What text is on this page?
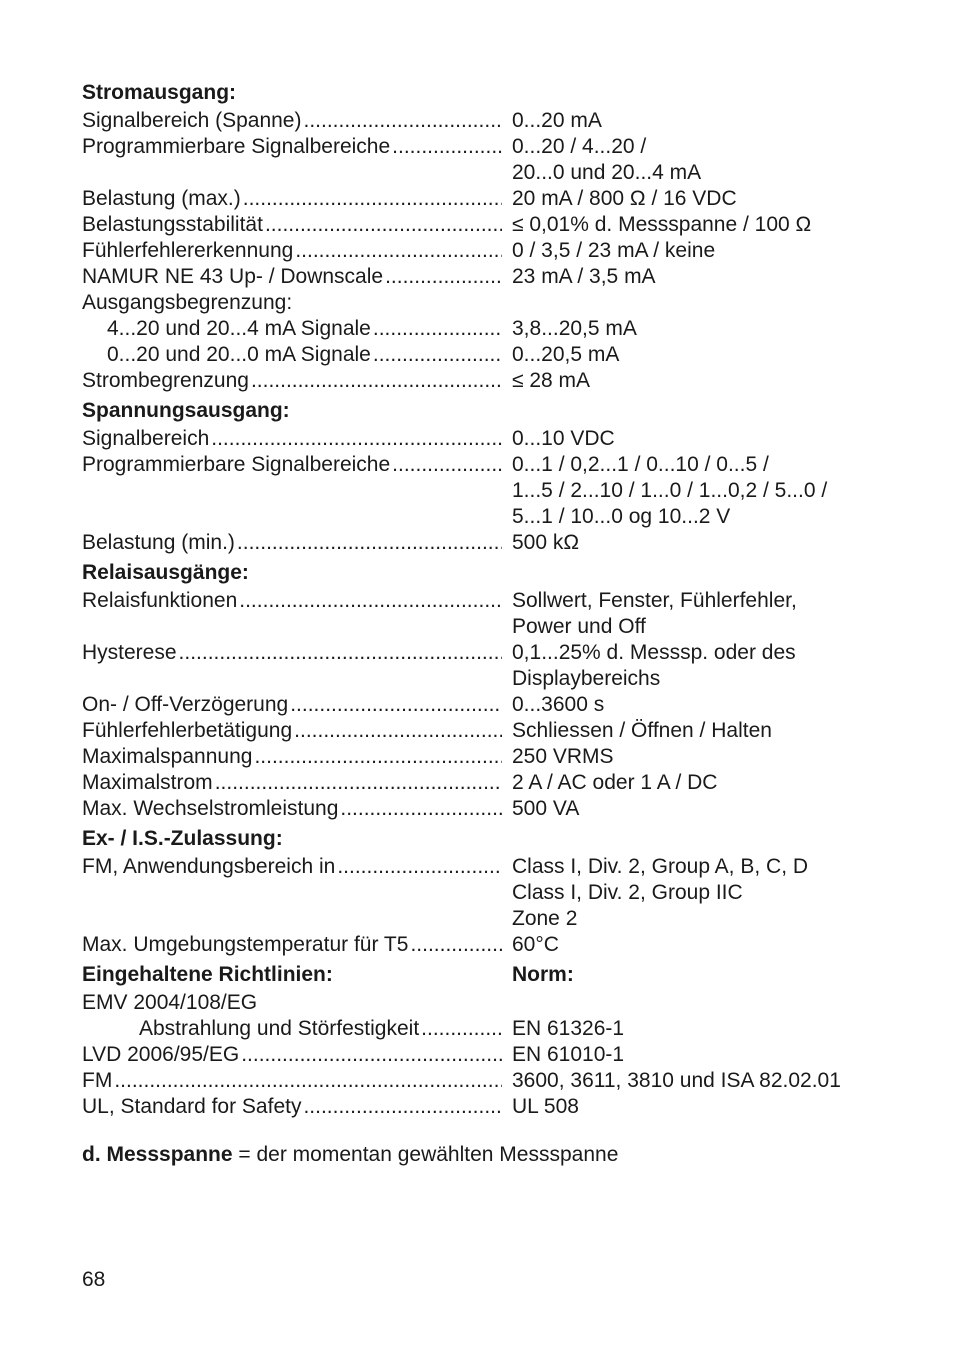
Stromausgang:
Signalbereich (Spanne) .....	0...20 mA
Programmierbare Signalbereiche .....	0...20 / 4...20 /
20...0 und 20...4 mA
Belastung (max.) .....	20 mA / 800 Ω / 16 VDC
Belastungsstabilität .....	≤ 0,01% d. Messspanne / 100 Ω
Fühlerfehlererkennung .....	0 / 3,5 / 23 mA / keine
NAMUR NE 43 Up- / Downscale .....	23 mA / 3,5 mA
Ausgangsbegrenzung:
4...20 und 20...4 mA Signale .....	3,8...20,5 mA
0...20 und 20...0 mA Signale .....	0...20,5 mA
Strombegrenzung .....	≤ 28 mA
Spannungsausgang:
Signalbereich .....	0...10 VDC
Programmierbare Signalbereiche .....	0...1 / 0,2...1 / 0...10 / 0...5 /
1...5 / 2...10 / 1...0 / 1...0,2 / 5...0 /
5...1 / 10...0 og 10...2 V
Belastung (min.) .....	500 kΩ
Relaisausgänge:
Relaisfunktionen .....	Sollwert, Fenster, Fühlerfehler,
Power und Off
Hysterese .....	0,1...25% d. Messsp. oder des
Displaybereichs
On- / Off-Verzögerung .....	0...3600 s
Fühlerfehlerbetätigung .....	Schliessen / Öffnen / Halten
Maximalspannung .....	250 VRMS
Maximalstrom .....	2 A / AC oder 1 A / DC
Max. Wechselstromleistung .....	500 VA
Ex- / I.S.-Zulassung:
FM, Anwendungsbereich in .....	Class I, Div. 2, Group A, B, C, D
Class I, Div. 2, Group IIC
Zone 2
Max. Umgebungstemperatur für T5 .....	60°C
Eingehaltene Richtlinien:	Norm:
EMV 2004/108/EG
Abstrahlung und Störfestigkeit .....	EN 61326-1
LVD 2006/95/EG .....	EN 61010-1
FM .....	3600, 3611, 3810 und ISA 82.02.01
UL, Standard for Safety .....	UL 508
d. Messspanne = der momentan gewählten Messspanne
68
